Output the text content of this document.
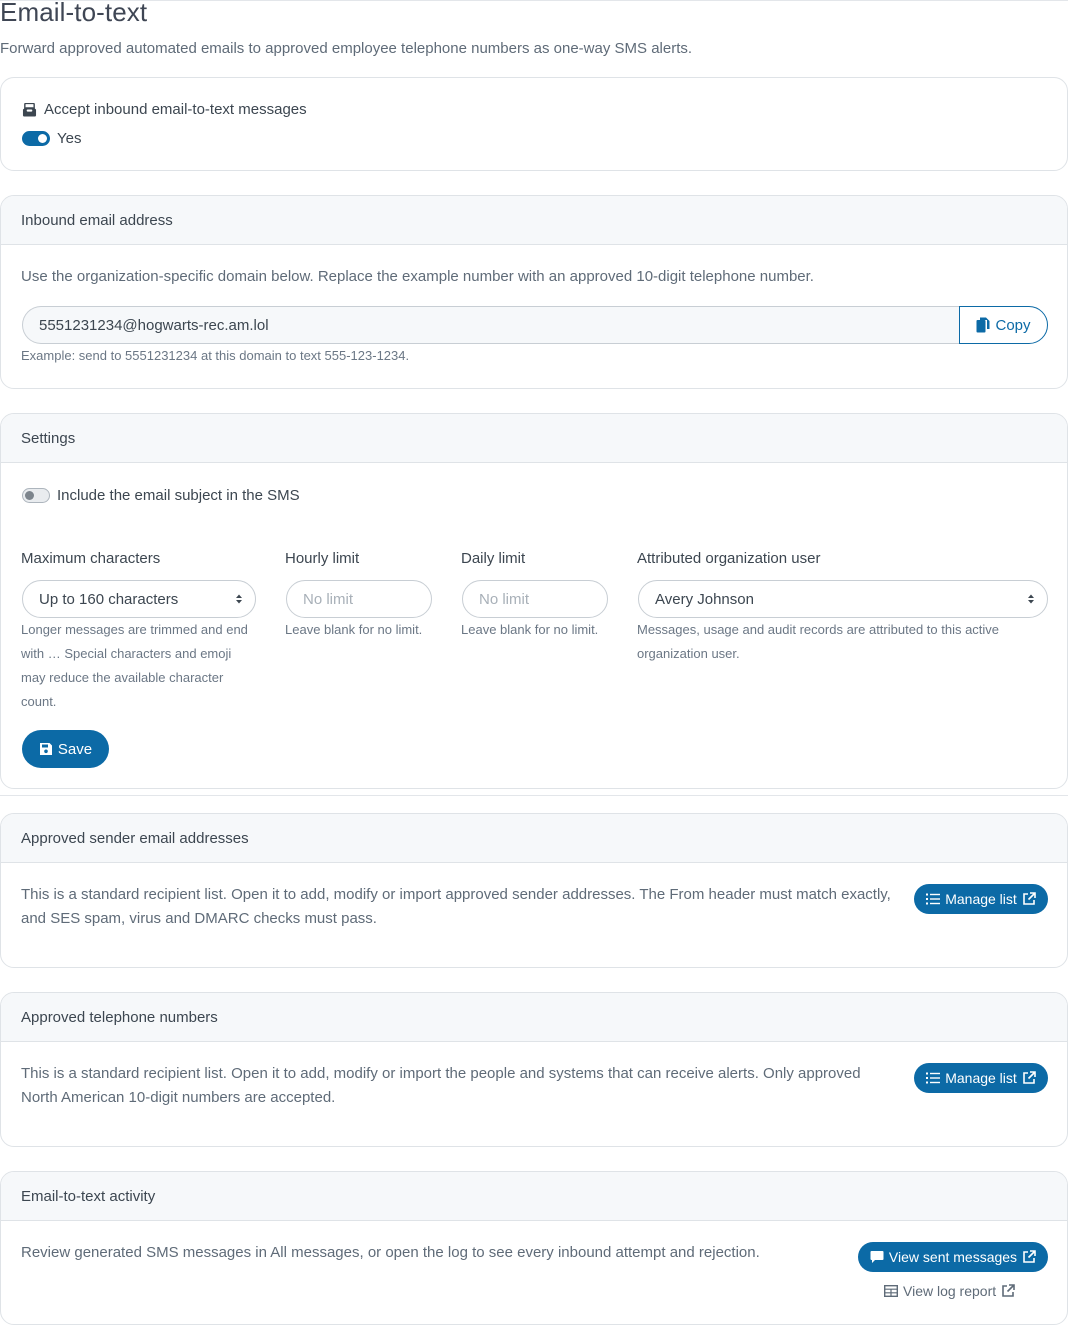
Email-to-text

Forward approved automated emails to approved employee telephone numbers as one-way SMS alerts.

Accept inbound email-to-text messages
Yes
Inbound email address

Use the organization-specific domain below. Replace the example number with an approved 10-digit telephone number.

5551231234@hogwarts-rec.am.lol	Copy

Example: send to 5551231234 at this domain to text 555-123-1234.

Settings
Include the email subject in the SMS
Maximum characters
Up to 160 characters

Longer messages are trimmed and end with … Special characters and emoji may reduce the available character count.

Hourly limit
No limit

Leave blank for no limit.

Daily limit
No limit

Leave blank for no limit.

Attributed organization user
Avery Johnson

Messages, usage and audit records are attributed to this active organization user.

Save
Approved sender email addresses

This is a standard recipient list. Open it to add, modify or import approved sender addresses. The From header must match exactly, and SES spam, virus and DMARC checks must pass.

Manage list
Approved telephone numbers

This is a standard recipient list. Open it to add, modify or import the people and systems that can receive alerts. Only approved North American 10-digit numbers are accepted.

Manage list
Email-to-text activity

Review generated SMS messages in All messages, or open the log to see every inbound attempt and rejection.	View sent messages
View log report
